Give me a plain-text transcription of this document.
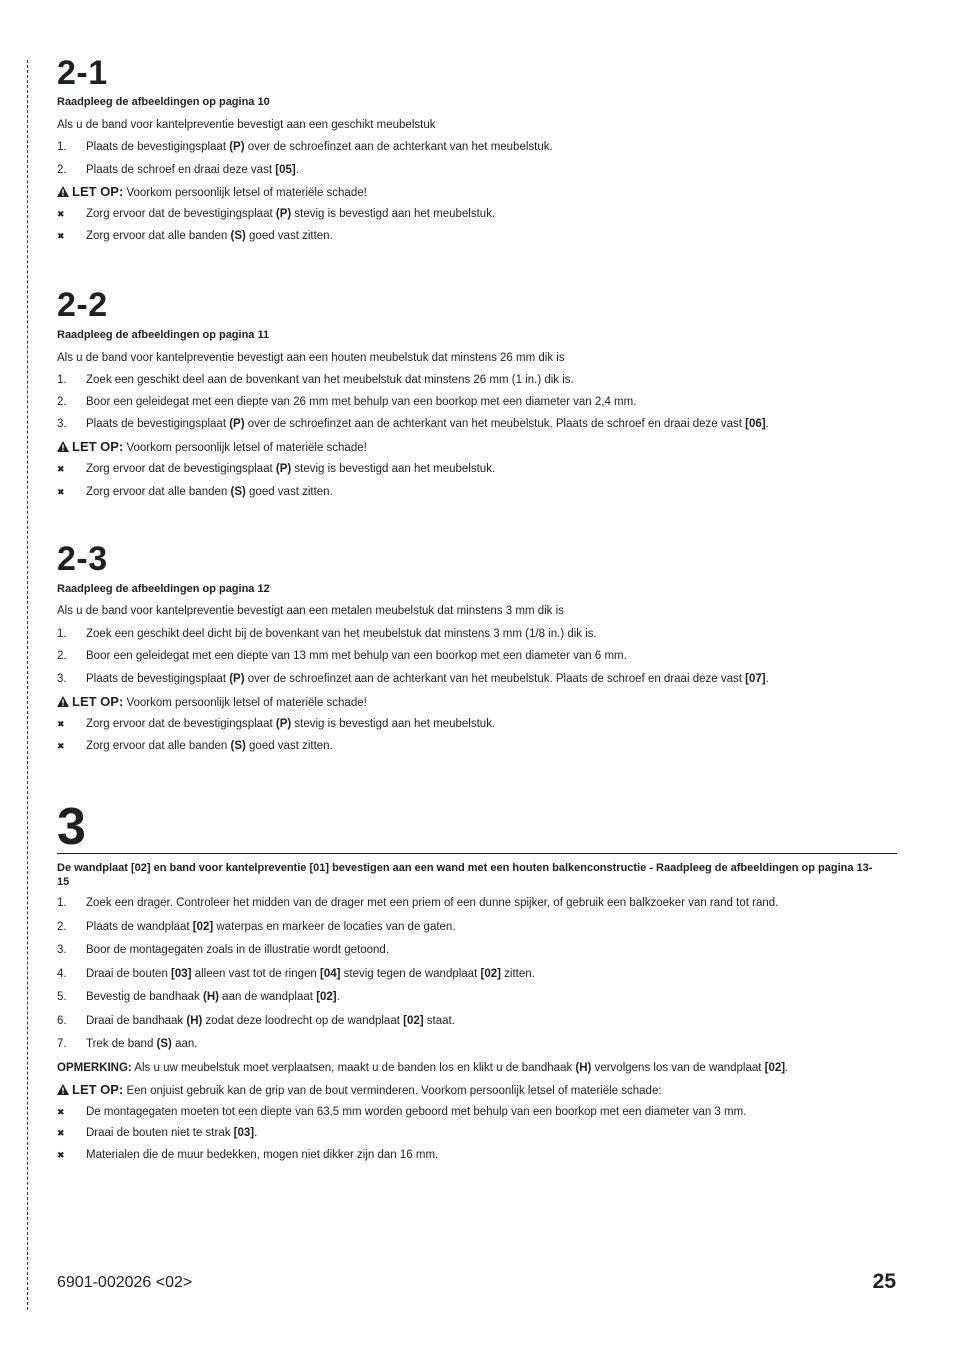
2-1

Raadpleeg de afbeeldingen op pagina 10

Als u de band voor kantelpreventie bevestigt aan een geschikt meubelstuk

1. Plaats de bevestigingsplaat (P) over de schroefinzet aan de achterkant van het meubelstuk.

2. Plaats de schroef en draai deze vast [05].

LET OP: Voorkom persoonlijk letsel of materiële schade!

✖ Zorg ervoor dat de bevestigingsplaat (P) stevig is bevestigd aan het meubelstuk.

✖ Zorg ervoor dat alle banden (S) goed vast zitten.

2-2

Raadpleeg de afbeeldingen op pagina 11

Als u de band voor kantelpreventie bevestigt aan een houten meubelstuk dat minstens 26 mm dik is

1. Zoek een geschikt deel aan de bovenkant van het meubelstuk dat minstens 26 mm (1 in.) dik is.

2. Boor een geleidegat met een diepte van 26 mm met behulp van een boorkop met een diameter van 2,4 mm.

3. Plaats de bevestigingsplaat (P) over de schroefinzet aan de achterkant van het meubelstuk. Plaats de schroef en draai deze vast [06].

LET OP: Voorkom persoonlijk letsel of materiële schade!

✖ Zorg ervoor dat de bevestigingsplaat (P) stevig is bevestigd aan het meubelstuk.

✖ Zorg ervoor dat alle banden (S) goed vast zitten.

2-3

Raadpleeg de afbeeldingen op pagina 12

Als u de band voor kantelpreventie bevestigt aan een metalen meubelstuk dat minstens 3 mm dik is

1. Zoek een geschikt deel dicht bij de bovenkant van het meubelstuk dat minstens 3 mm (1/8 in.) dik is.

2. Boor een geleidegat met een diepte van 13 mm met behulp van een boorkop met een diameter van 6 mm.

3. Plaats de bevestigingsplaat (P) over de schroefinzet aan de achterkant van het meubelstuk. Plaats de schroef en draai deze vast [07].

LET OP: Voorkom persoonlijk letsel of materiële schade!

✖ Zorg ervoor dat de bevestigingsplaat (P) stevig is bevestigd aan het meubelstuk.

✖ Zorg ervoor dat alle banden (S) goed vast zitten.

3

De wandplaat [02] en band voor kantelpreventie [01] bevestigen aan een wand met een houten balkenconstructie - Raadpleeg de afbeeldingen op pagina 13-15

1. Zoek een drager. Controleer het midden van de drager met een priem of een dunne spijker, of gebruik een balkzoeker van rand tot rand.

2. Plaats de wandplaat [02] waterpas en markeer de locaties van de gaten.

3. Boor de montagegaten zoals in de illustratie wordt getoond.

4. Draai de bouten [03] alleen vast tot de ringen [04] stevig tegen de wandplaat [02] zitten.

5. Bevestig de bandhaak (H) aan de wandplaat [02].

6. Draai de bandhaak (H) zodat deze loodrecht op de wandplaat [02] staat.

7. Trek de band (S) aan.

OPMERKING: Als u uw meubelstuk moet verplaatsen, maakt u de banden los en klikt u de bandhaak (H) vervolgens los van de wandplaat [02].

LET OP: Een onjuist gebruik kan de grip van de bout verminderen. Voorkom persoonlijk letsel of materiële schade:

✖ De montagegaten moeten tot een diepte van 63,5 mm worden geboord met behulp van een boorkop met een diameter van 3 mm.

✖ Draai de bouten niet te strak [03].

✖ Materialen die de muur bedekken, mogen niet dikker zijn dan 16 mm.

6901-002026 <02>	25
